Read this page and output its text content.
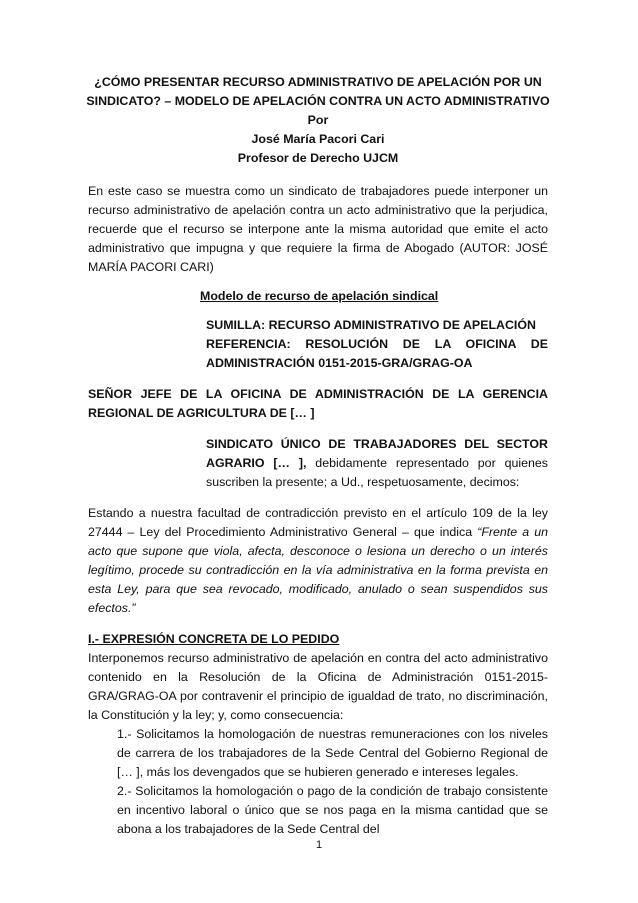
¿CÓMO PRESENTAR RECURSO ADMINISTRATIVO DE APELACIÓN POR UN

SINDICATO? – MODELO DE APELACIÓN CONTRA UN ACTO ADMINISTRATIVO

Por

José María Pacori Cari

Profesor de Derecho UJCM

En este caso se muestra como un sindicato de trabajadores puede interponer un recurso administrativo de apelación contra un acto administrativo que la perjudica, recuerde que el recurso se interpone ante la misma autoridad que emite el acto administrativo que impugna y que requiere la firma de Abogado (AUTOR: JOSÉ MARÍA PACORI CARI)

Modelo de recurso de apelación sindical

SUMILLA: RECURSO ADMINISTRATIVO DE APELACIÓN

REFERENCIA: RESOLUCIÓN DE LA OFICINA DE ADMINISTRACIÓN 0151-2015-GRA/GRAG-OA

SEÑOR JEFE DE LA OFICINA DE ADMINISTRACIÓN DE LA GERENCIA REGIONAL DE AGRICULTURA DE [… ]

SINDICATO ÚNICO DE TRABAJADORES DEL SECTOR AGRARIO [… ], debidamente representado por quienes suscriben la presente; a Ud., respetuosamente, decimos:

Estando a nuestra facultad de contradicción previsto en el artículo 109 de la ley 27444 – Ley del Procedimiento Administrativo General – que indica “Frente a un acto que supone que viola, afecta, desconoce o lesiona un derecho o un interés legítimo, procede su contradicción en la vía administrativa en la forma prevista en esta Ley, para que sea revocado, modificado, anulado o sean suspendidos sus efectos.”

I.- EXPRESIÓN CONCRETA DE LO PEDIDO

Interponemos recurso administrativo de apelación en contra del acto administrativo contenido en la Resolución de la Oficina de Administración 0151-2015-GRA/GRAG-OA por contravenir el principio de igualdad de trato, no discriminación, la Constitución y la ley; y, como consecuencia:

1.- Solicitamos la homologación de nuestras remuneraciones con los niveles de carrera de los trabajadores de la Sede Central del Gobierno Regional de [… ], más los devengados que se hubieren generado e intereses legales.

2.- Solicitamos la homologación o pago de la condición de trabajo consistente en incentivo laboral o único que se nos paga en la misma cantidad que se abona a los trabajadores de la Sede Central del

1
